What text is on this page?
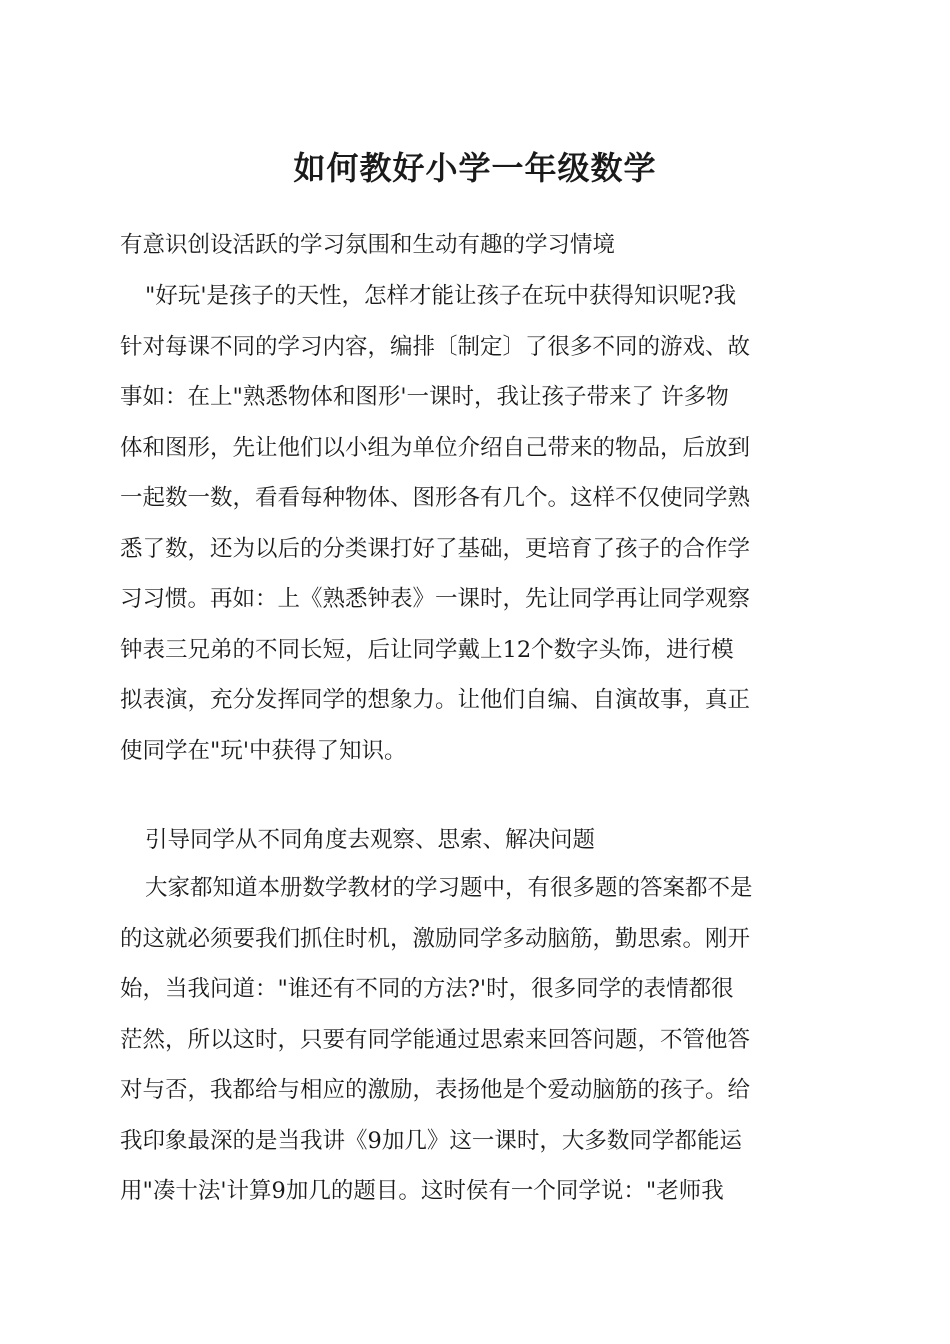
如何教好小学一年级数学
有意识创设活跃的学习氛围和生动有趣的学习情境
"好玩'是孩子的天性，怎样才能让孩子在玩中获得知识呢?我
针对每课不同的学习内容，编排〔制定〕了很多不同的游戏、故
事如：在上"熟悉物体和图形'一课时，我让孩子带来了 许多物
体和图形，先让他们以小组为单位介绍自己带来的物品，后放到
一起数一数，看看每种物体、图形各有几个。这样不仅使同学熟
悉了数，还为以后的分类课打好了基础，更培育了孩子的合作学
习习惯。再如：上《熟悉钟表》一课时，先让同学再让同学观察
钟表三兄弟的不同长短，后让同学戴上12个数字头饰，进行模
拟表演，充分发挥同学的想象力。让他们自编、自演故事，真正
使同学在"玩'中获得了知识。
引导同学从不同角度去观察、思索、解决问题
大家都知道本册数学教材的学习题中，有很多题的答案都不是
的这就必须要我们抓住时机，激励同学多动脑筋，勤思索。刚开
始，当我问道："谁还有不同的方法?'时，很多同学的表情都很
茫然，所以这时，只要有同学能通过思索来回答问题，不管他答
对与否，我都给与相应的激励，表扬他是个爱动脑筋的孩子。给
我印象最深的是当我讲《9加几》这一课时，大多数同学都能运
用"凑十法'计算9加几的题目。这时侯有一个同学说："老师我
